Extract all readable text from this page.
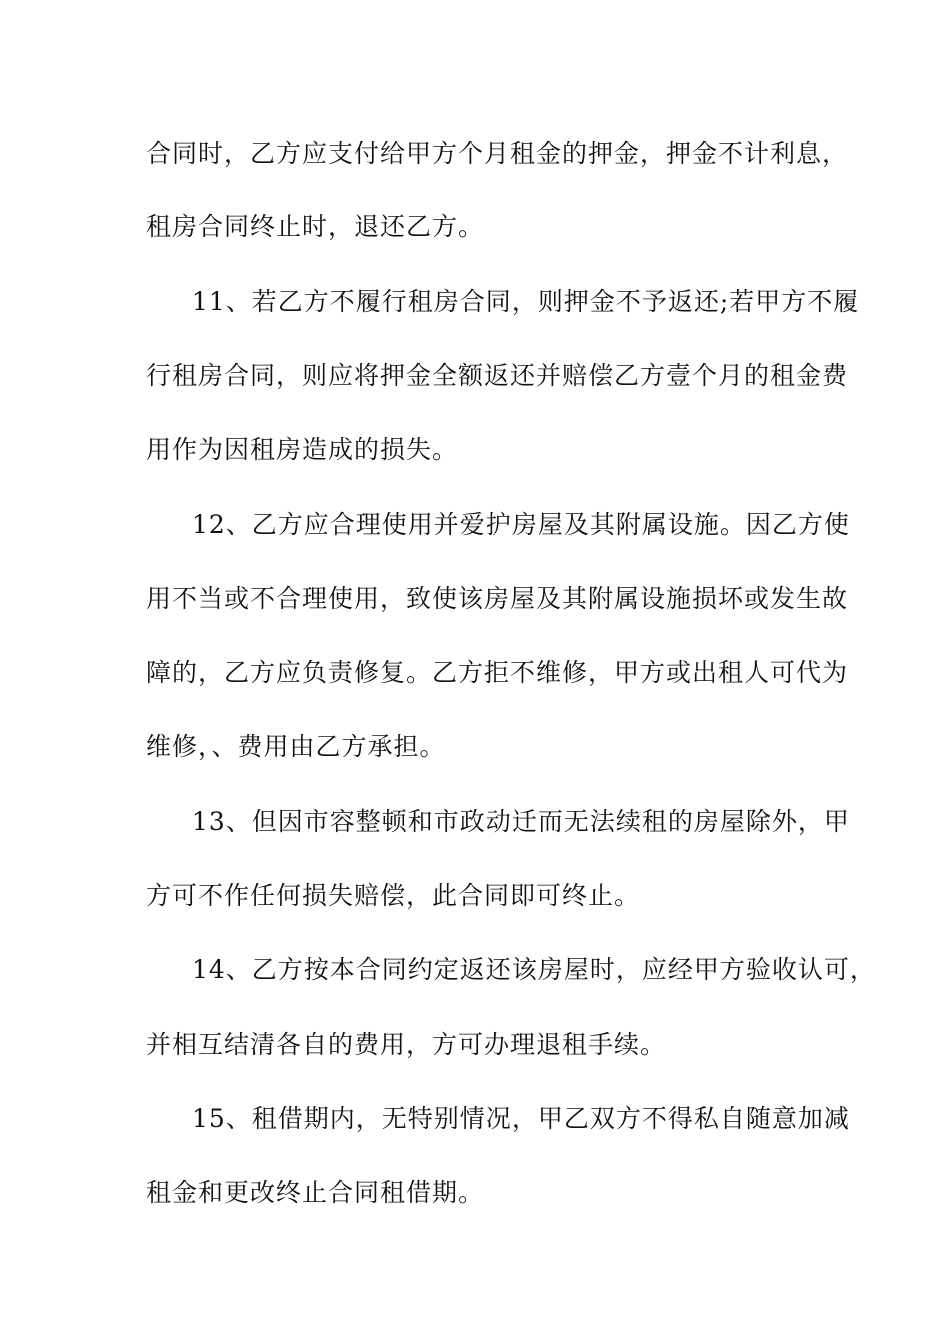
合同时，乙方应支付给甲方个月租金的押金，押金不计利息，
租房合同终止时，退还乙方。
11、若乙方不履行租房合同，则押金不予返还;若甲方不履
行租房合同，则应将押金全额返还并赔偿乙方壹个月的租金费
用作为因租房造成的损失。
12、乙方应合理使用并爱护房屋及其附属设施。因乙方使
用不当或不合理使用，致使该房屋及其附属设施损坏或发生故
障的，乙方应负责修复。乙方拒不维修，甲方或出租人可代为
维修，、费用由乙方承担。
13、但因市容整顿和市政动迁而无法续租的房屋除外，甲
方可不作任何损失赔偿，此合同即可终止。
14、乙方按本合同约定返还该房屋时，应经甲方验收认可，
并相互结清各自的费用，方可办理退租手续。
15、租借期内，无特别情况，甲乙双方不得私自随意加减
租金和更改终止合同租借期。
